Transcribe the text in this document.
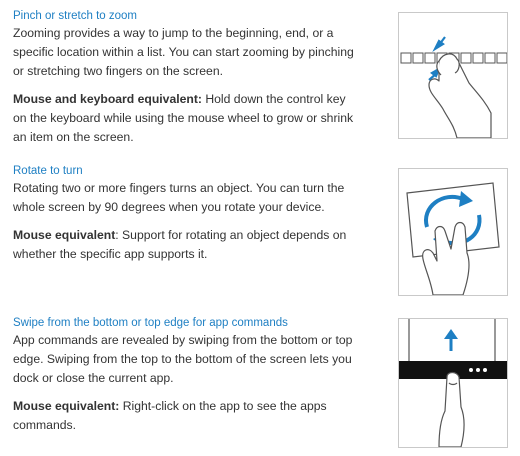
Pinch or stretch to zoom

Zooming provides a way to jump to the beginning, end, or a
specific location within a list. You can start zooming by pinching
or stretching two fingers on the screen.

Mouse and keyboard equivalent: Hold down the control key
on the keyboard while using the mouse wheel to grow or shrink
an item on the screen.

Rotate to turn

Rotating two or more fingers turns an object. You can turn the
whole screen by 90 degrees when you rotate your device.

Mouse equivalent: Support for rotating an object depends on
whether the specific app supports it.

Swipe from the bottom or top edge for app commands

App commands are revealed by swiping from the bottom or top
edge. Swiping from the top to the bottom of the screen lets you
dock or close the current app.

Mouse equivalent: Right-click on the app to see the apps
commands.
